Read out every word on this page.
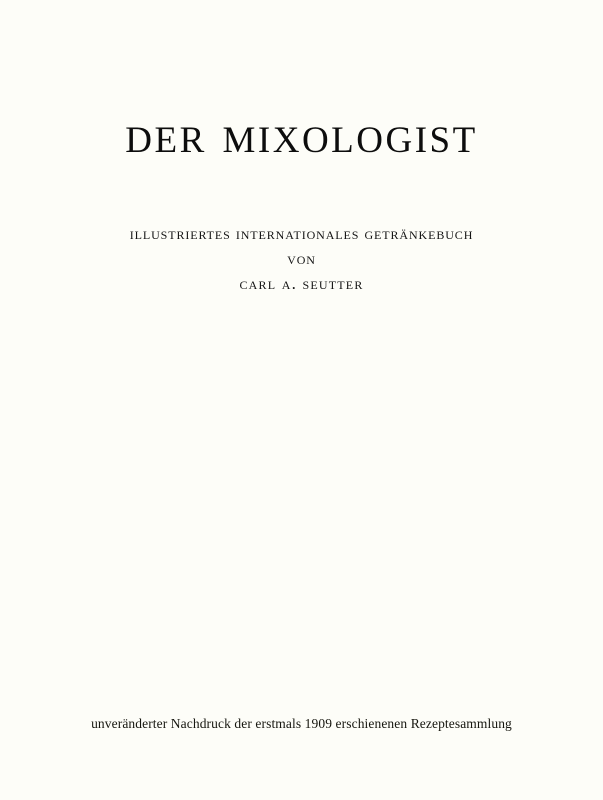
der mixologist

illustriertes internationales getränkebuch

von

carl a. seutter

unveränderter Nachdruck der erstmals 1909 erschienenen Rezeptesammlung
